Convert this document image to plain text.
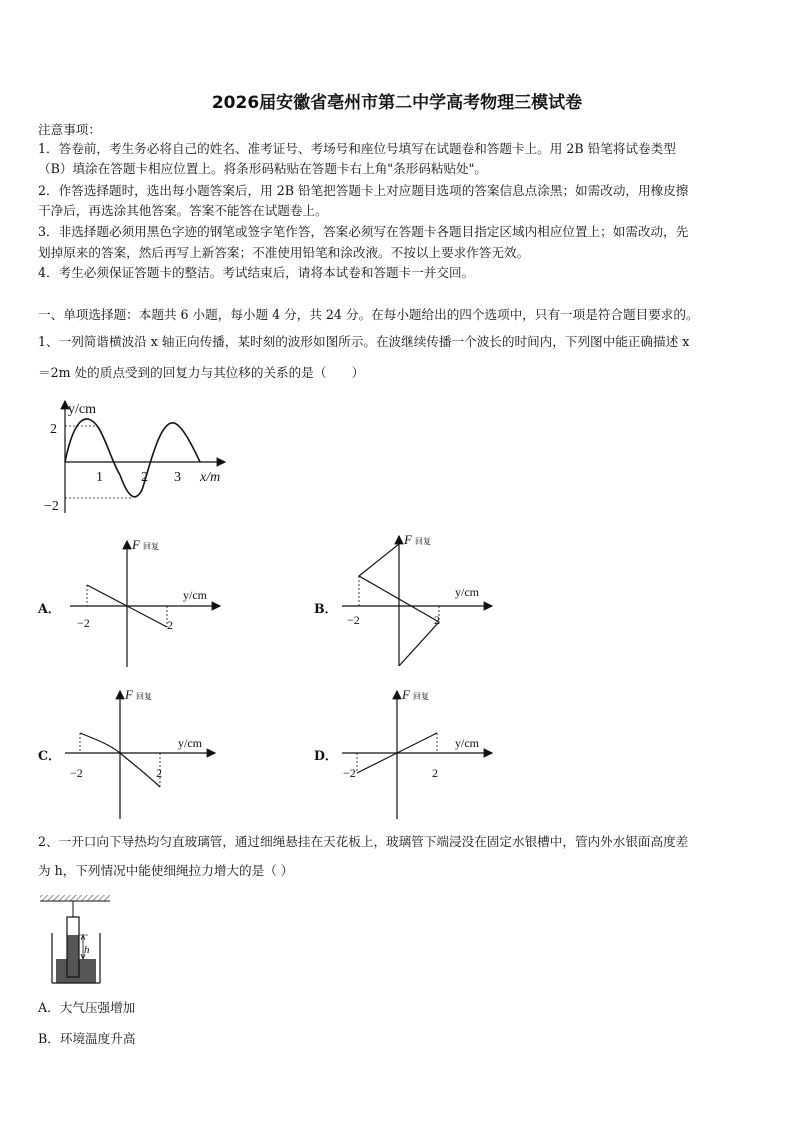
2026届安徽省亳州市第二中学高考物理三模试卷
注意事项：
1．答卷前，考生务必将自己的姓名、准考证号、考场号和座位号填写在试题卷和答题卡上。用 2B 铅笔将试卷类型
（B）填涂在答题卡相应位置上。将条形码粘贴在答题卡右上角"条形码粘贴处"。
2．作答选择题时，选出每小题答案后，用 2B 铅笔把答题卡上对应题目选项的答案信息点涂黑；如需改动，用橡皮擦
干净后，再选涂其他答案。答案不能答在试题卷上。
3．非选择题必须用黑色字迹的钢笔或签字笔作答，答案必须写在答题卡各题目指定区域内相应位置上；如需改动，先
划掉原来的答案，然后再写上新答案；不准使用铅笔和涂改液。不按以上要求作答无效。
4．考生必须保证答题卡的整洁。考试结束后，请将本试卷和答题卡一并交回。
一、单项选择题：本题共 6 小题，每小题 4 分，共 24 分。在每小题给出的四个选项中，只有一项是符合题目要求的。
1、一列简谐横波沿 x 轴正向传播，某时刻的波形如图所示。在波继续传播一个波长的时间内，下列图中能正确描述 x
＝2m 处的质点受到的回复力与其位移的关系的是（　　）
y/cm
2
−2
1	2 3 x/m
A．
F 回复
y/cm
−2	2
B．
F 回复
y/cm
−2	2
C．
F 回复
y/cm
−2	2
D．
F 回复
y/cm
−2	2
2、一开口向下导热均匀直玻璃管，通过细绳悬挂在天花板上，玻璃管下端浸没在固定水银槽中，管内外水银面高度差
为 h，下列情况中能使细绳拉力增大的是（ ）
h
A．大气压强增加
B．环境温度升高
